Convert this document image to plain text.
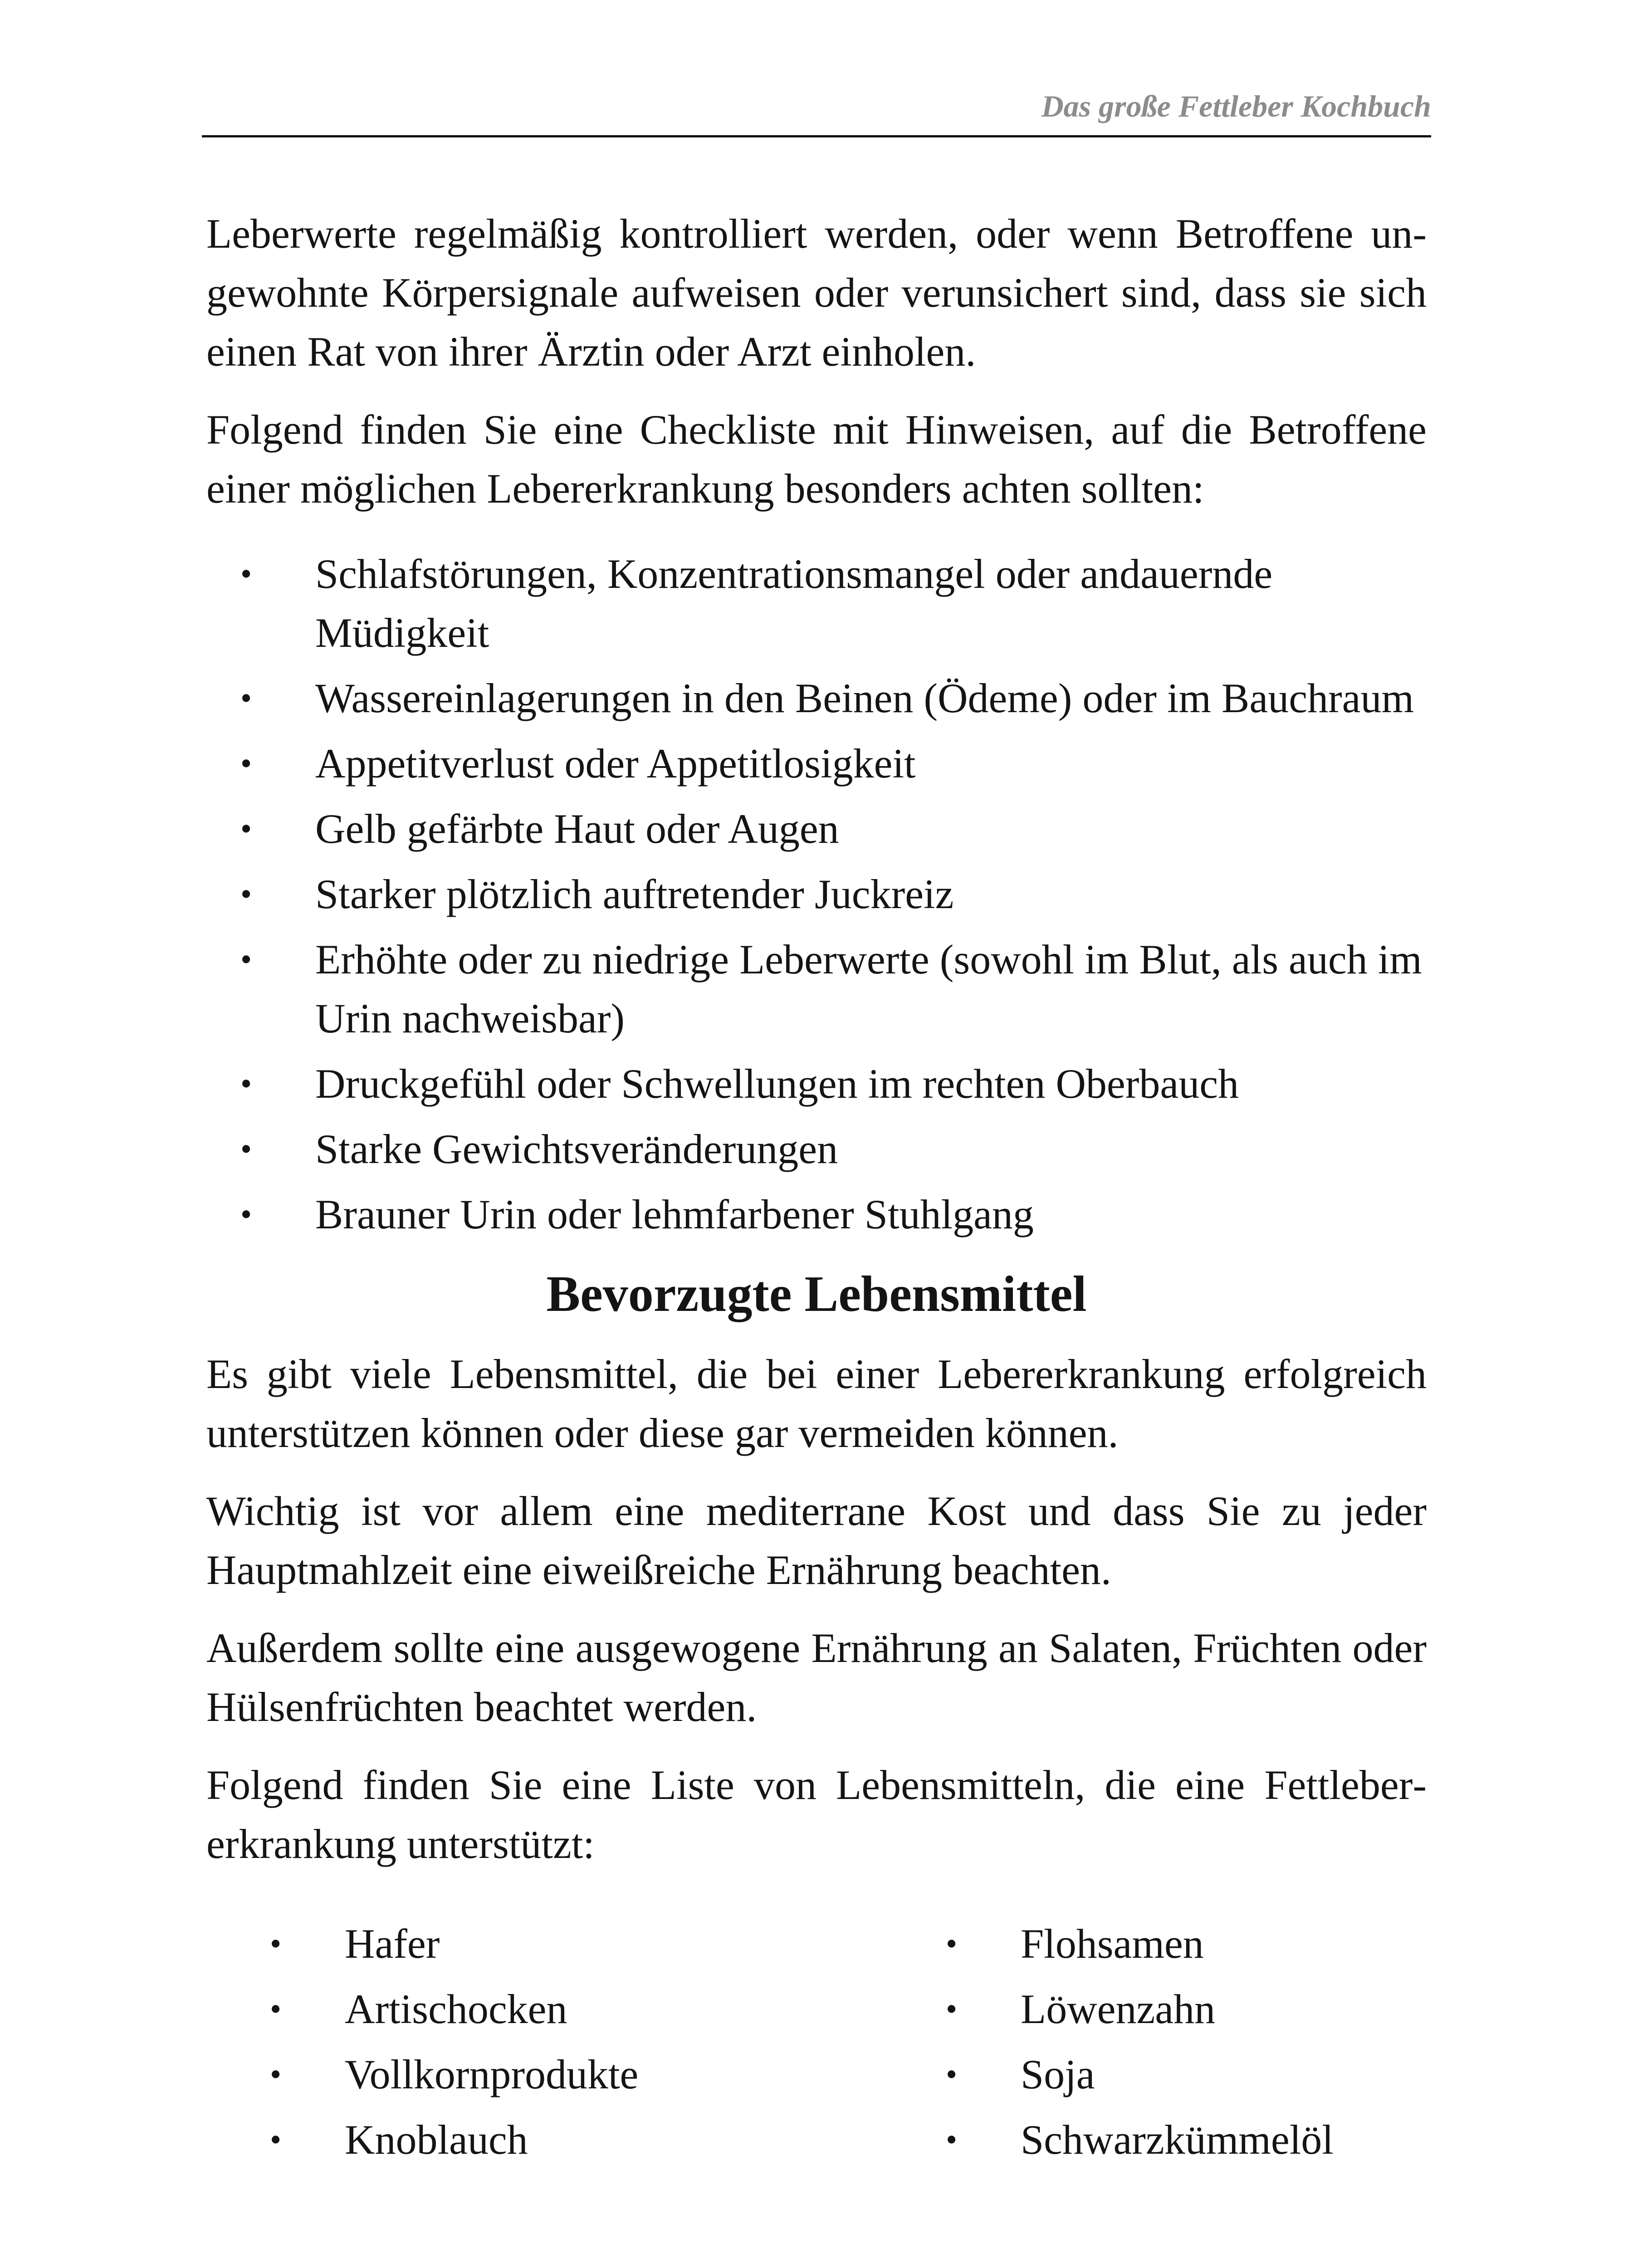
Das große Fettleber Kochbuch

Leberwerte regelmäßig kontrolliert werden, oder wenn Betroffene ungewohnte Körpersignale aufweisen oder verunsichert sind, dass sie sich einen Rat von ihrer Ärztin oder Arzt einholen.

Folgend finden Sie eine Checkliste mit Hinweisen, auf die Betroffene einer möglichen Lebererkrankung besonders achten sollten:

• Schlafstörungen, Konzentrationsmangel oder andauernde Müdigkeit
• Wassereinlagerungen in den Beinen (Ödeme) oder im Bauchraum
• Appetitverlust oder Appetitlosigkeit
• Gelb gefärbte Haut oder Augen
• Starker plötzlich auftretender Juckreiz
• Erhöhte oder zu niedrige Leberwerte (sowohl im Blut, als auch im Urin nachweisbar)
• Druckgefühl oder Schwellungen im rechten Oberbauch
• Starke Gewichtsveränderungen
• Brauner Urin oder lehmfarbener Stuhlgang
Bevorzugte Lebensmittel

Es gibt viele Lebensmittel, die bei einer Lebererkrankung erfolgreich unterstützen können oder diese gar vermeiden können.

Wichtig ist vor allem eine mediterrane Kost und dass Sie zu jeder Hauptmahlzeit eine eiweißreiche Ernährung beachten.

Außerdem sollte eine ausgewogene Ernährung an Salaten, Früchten oder Hülsenfrüchten beachtet werden.

Folgend finden Sie eine Liste von Lebensmitteln, die eine Fettlebererkrankung unterstützt:

• Hafer
• Artischocken
• Vollkornprodukte
• Knoblauch
• Flohsamen
• Löwenzahn
• Soja
• Schwarzkümmelöl
